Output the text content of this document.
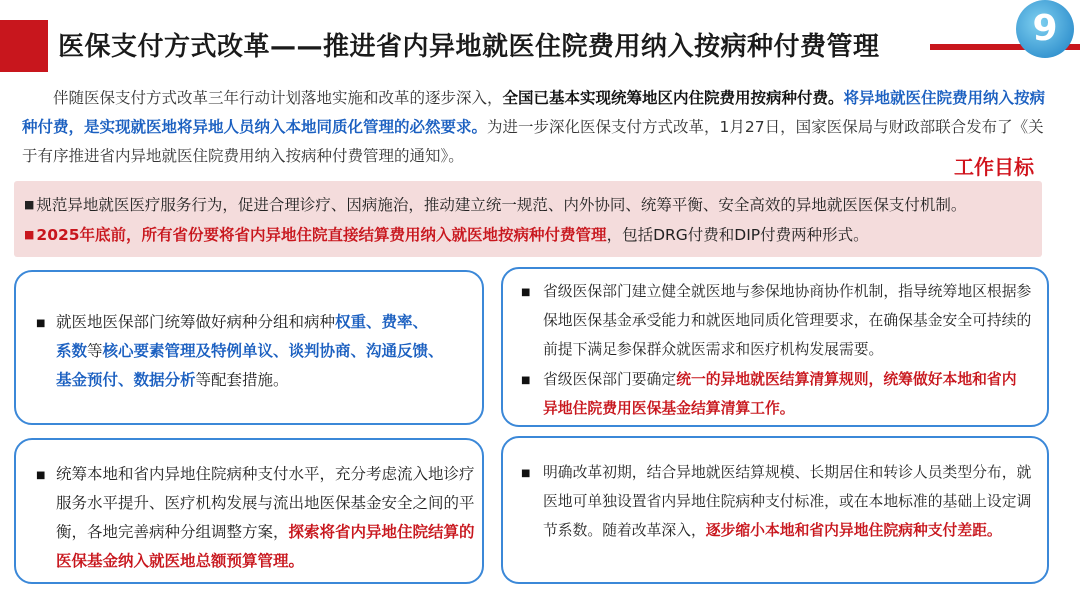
医保支付方式改革——推进省内异地就医住院费用纳入按病种付费管理	9
伴随医保支付方式改革三年行动计划落地实施和改革的逐步深入，全国已基本实现统筹地区内住院费用按病种付费。将异地就医住院费用纳入按病种付费，是实现就医地将异地人员纳入本地同质化管理的必然要求。为进一步深化医保支付方式改革，1月27日，国家医保局与财政部联合发布了《关于有序推进省内异地就医住院费用纳入按病种付费管理的通知》。	工作目标
■ 规范异地就医医疗服务行为，促进合理诊疗、因病施治，推动建立统一规范、内外协同、统筹平衡、安全高效的异地就医医保支付机制。
■ 2025年底前，所有省份要将省内异地住院直接结算费用纳入就医地按病种付费管理，包括DRG付费和DIP付费两种形式。
■ 就医地医保部门统筹做好病种分组和病种权重、费率、
系数等核心要素管理及特例单议、谈判协商、沟通反馈、
基金预付、数据分析等配套措施。
■ 省级医保部门建立健全就医地与参保地协商协作机制，指导统筹地区根据参保地医保基金承受能力和就医地同质化管理要求，在确保基金安全可持续的前提下满足参保群众就医需求和医疗机构发展需要。
■ 省级医保部门要确定统一的异地就医结算清算规则，统筹做好本地和省内异地住院费用医保基金结算清算工作。
■ 统筹本地和省内异地住院病种支付水平，充分考虑流入地诊疗服务水平提升、医疗机构发展与流出地医保基金安全之间的平衡，各地完善病种分组调整方案，探索将省内异地住院结算的医保基金纳入就医地总额预算管理。
■ 明确改革初期，结合异地就医结算规模、长期居住和转诊人员类型分布，就医地可单独设置省内异地住院病种支付标准，或在本地标准的基础上设定调节系数。随着改革深入，逐步缩小本地和省内异地住院病种支付差距。
